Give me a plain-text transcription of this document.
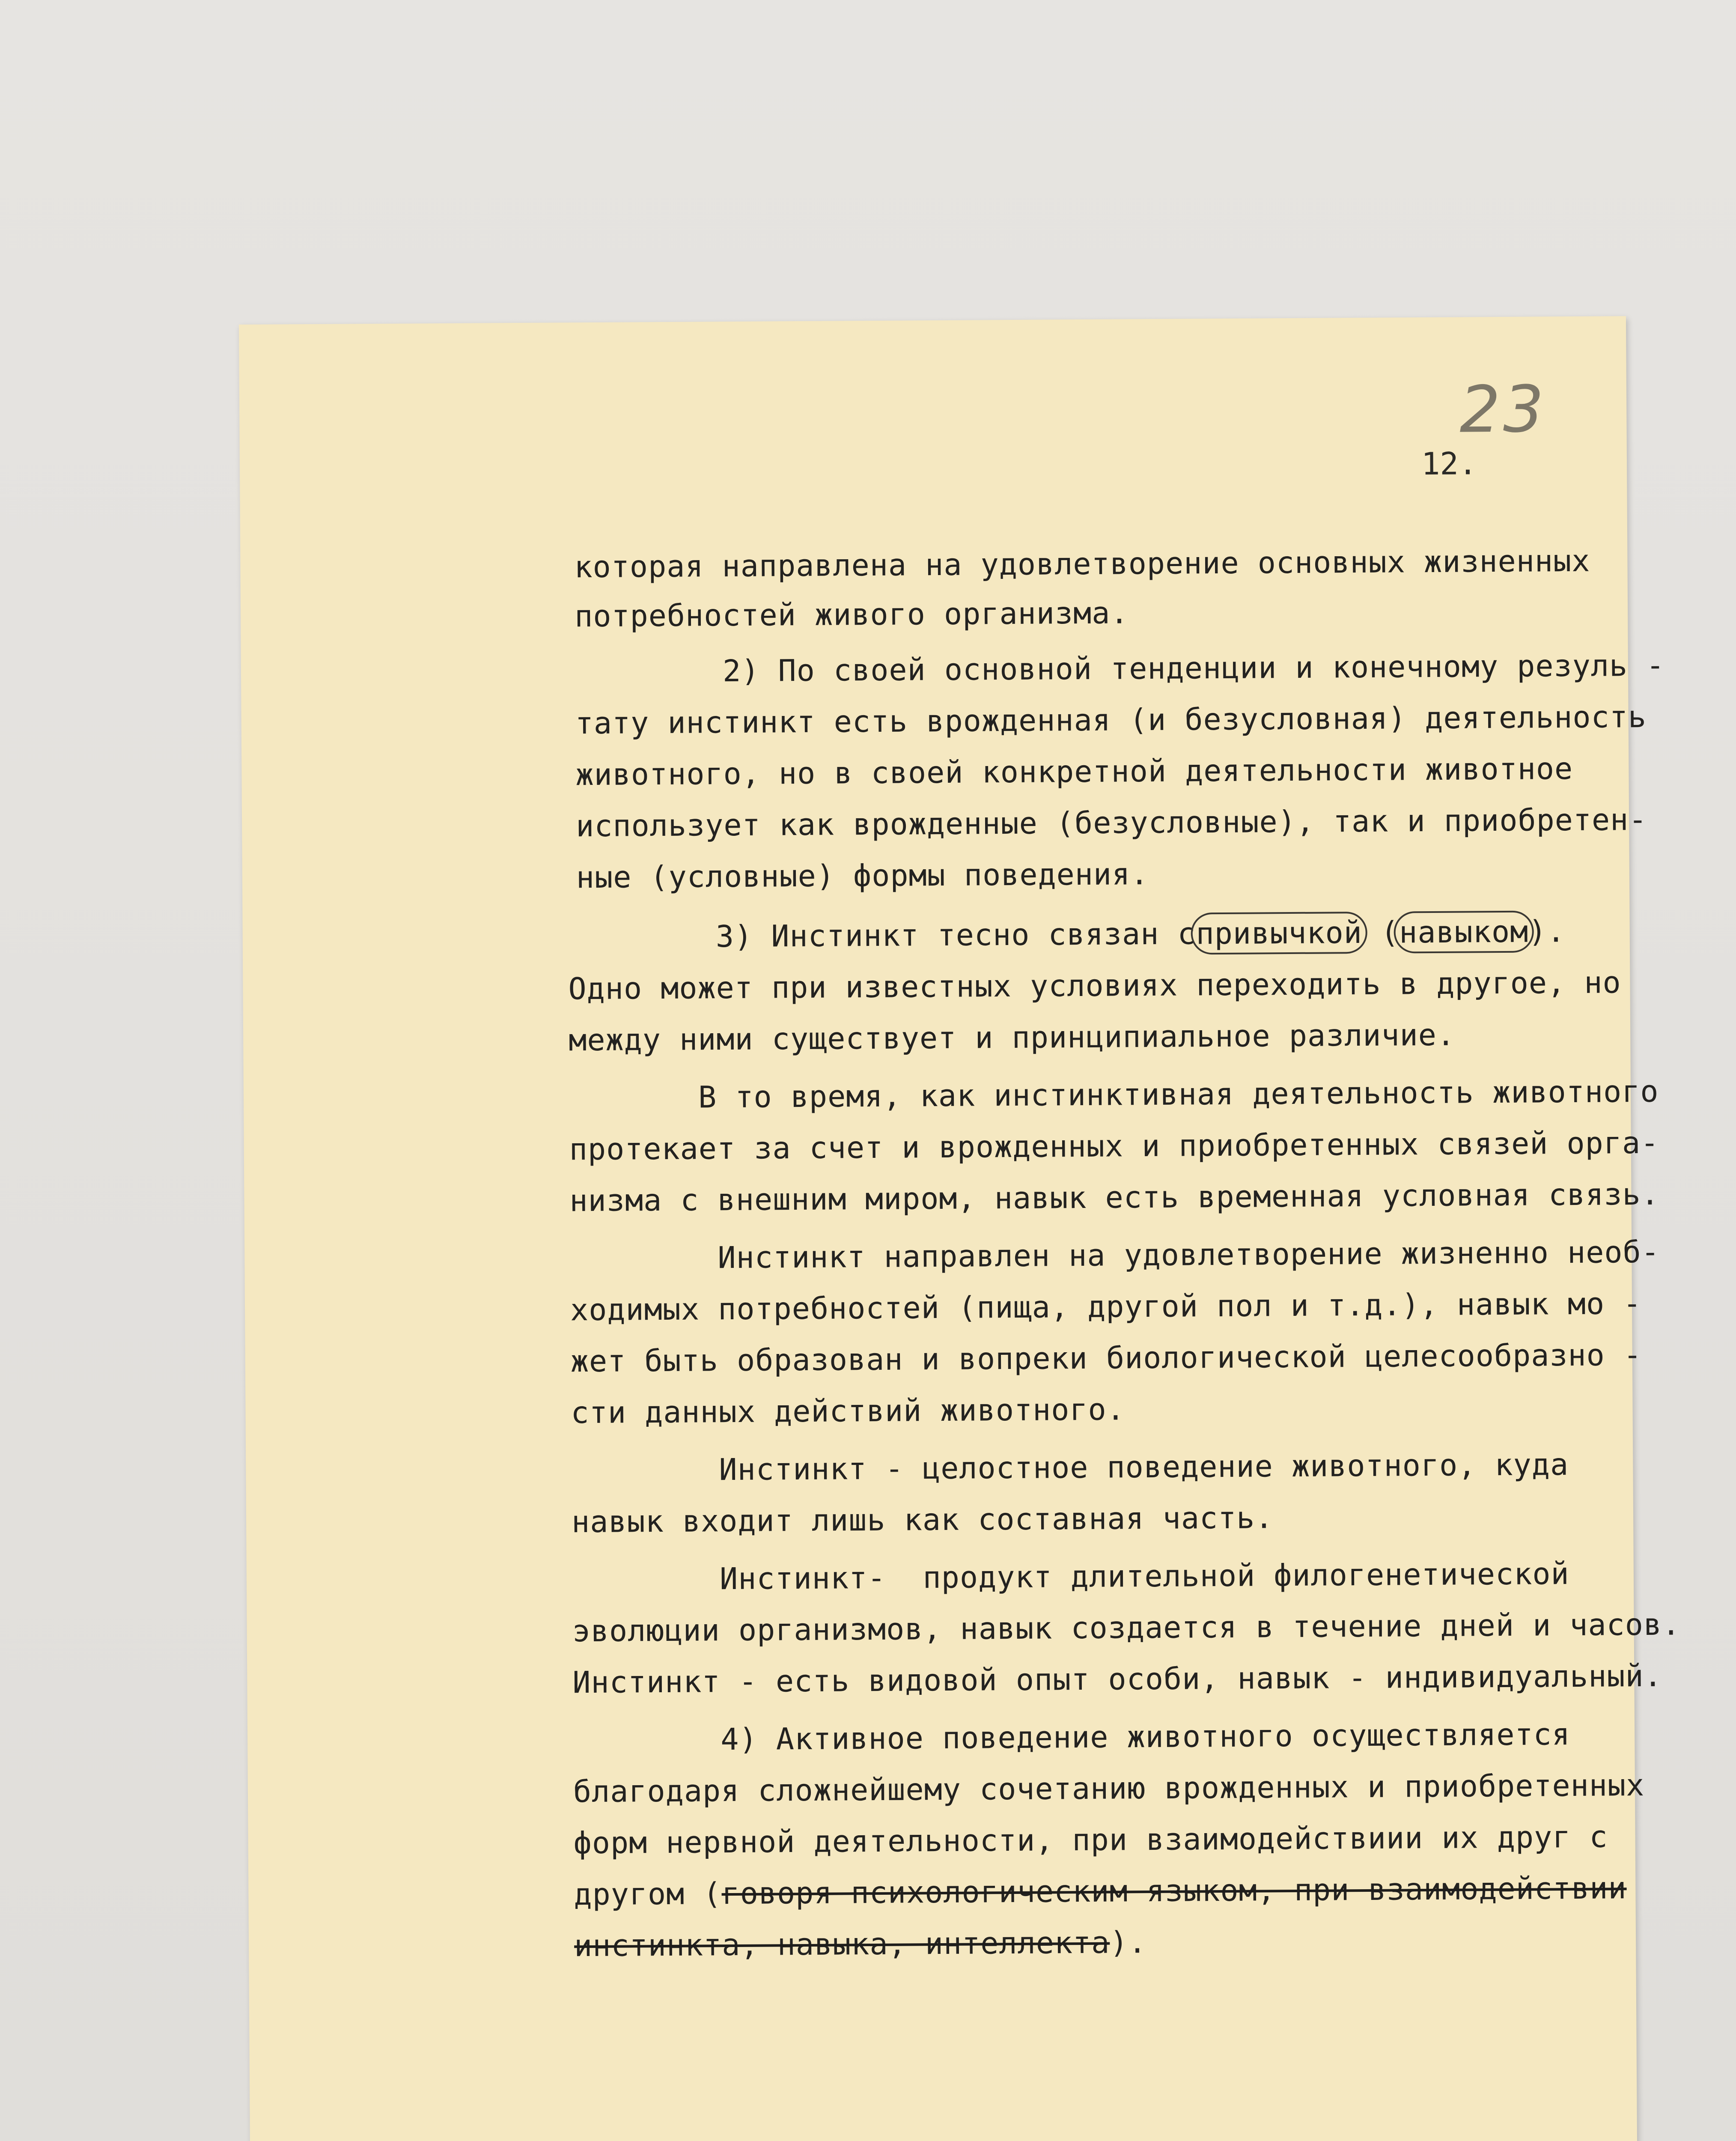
23
12.
которая направлена на удовлетворение основных жизненных
потребностей живого организма.
2) По своей основной тенденции и конечному резуль -
тату инстинкт есть врожденная (и безусловная) деятельность
животного, но в своей конкретной деятельности животное
использует как врожденные (безусловные), так и приобретен-
ные (условные) формы поведения.
3) Инстинкт тесно связан спривычкой (навыком).
Одно может при известных условиях переходить в другое, но
между ними существует и принципиальное различие.
В то время, как инстинктивная деятельность животного
протекает за счет и врожденных и приобретенных связей орга-
низма с внешним миром, навык есть временная условная связь.
Инстинкт направлен на удовлетворение жизненно необ-
ходимых потребностей (пища, другой пол и т.д.), навык мо -
жет быть образован и вопреки биологической целесообразно -
сти данных действий животного.
Инстинкт - целостное поведение животного, куда
навык входит лишь как составная часть.
Инстинкт-  продукт длительной филогенетической
эволюции организмов, навык создается в течение дней и часов.
Инстинкт - есть видовой опыт особи, навык - индивидуальный.
4) Активное поведение животного осуществляется
благодаря сложнейшему сочетанию врожденных и приобретенных
форм нервной деятельности, при взаимодействиии их друг с
другом (говоря психологическим языком, при взаимодействии
инстинкта, навыка, интеллекта).
